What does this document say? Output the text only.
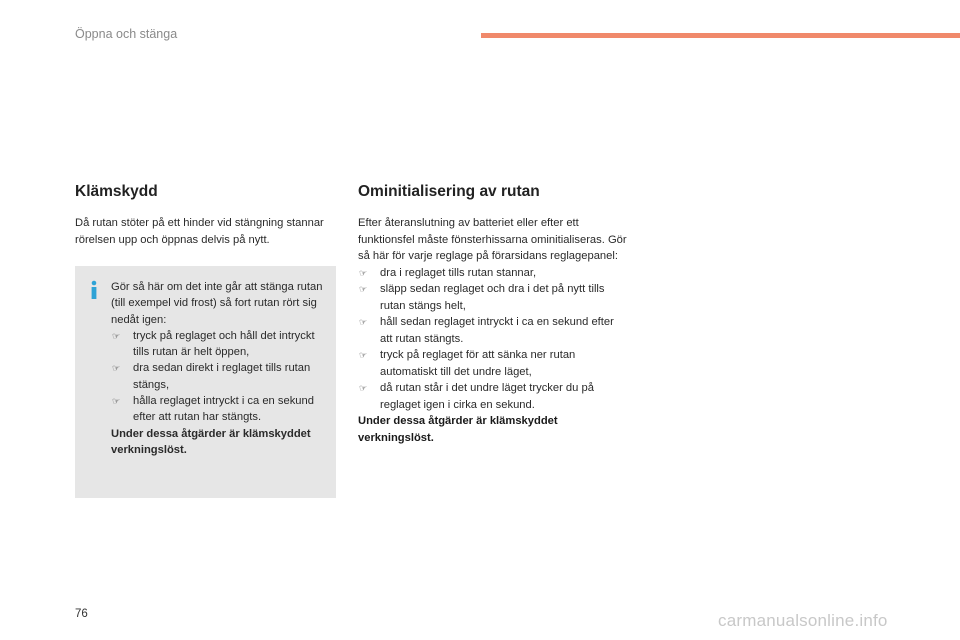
Öppna och stänga
Klämskydd

Då rutan stöter på ett hinder vid stängning stannar rörelsen upp och öppnas delvis på nytt.

Gör så här om det inte går att stänga rutan (till exempel vid frost) så fort rutan rört sig nedåt igen:
☞ tryck på reglaget och håll det intryckt tills rutan är helt öppen,
☞ dra sedan direkt i reglaget tills rutan stängs,
☞ hålla reglaget intryckt i ca en sekund efter att rutan har stängts.
Under dessa åtgärder är klämskyddet verkningslöst.
Ominitialisering av rutan

Efter återanslutning av batteriet eller efter ett funktionsfel måste fönsterhissarna ominitialiseras. Gör så här för varje reglage på förarsidans reglagepanel:

☞ dra i reglaget tills rutan stannar,
☞ släpp sedan reglaget och dra i det på nytt tills rutan stängs helt,
☞ håll sedan reglaget intryckt i ca en sekund efter att rutan stängts.
☞ tryck på reglaget för att sänka ner rutan automatiskt till det undre läget,
☞ då rutan står i det undre läget trycker du på reglaget igen i cirka en sekund.
Under dessa åtgärder är klämskyddet verkningslöst.
76	carmanualsonline.info
